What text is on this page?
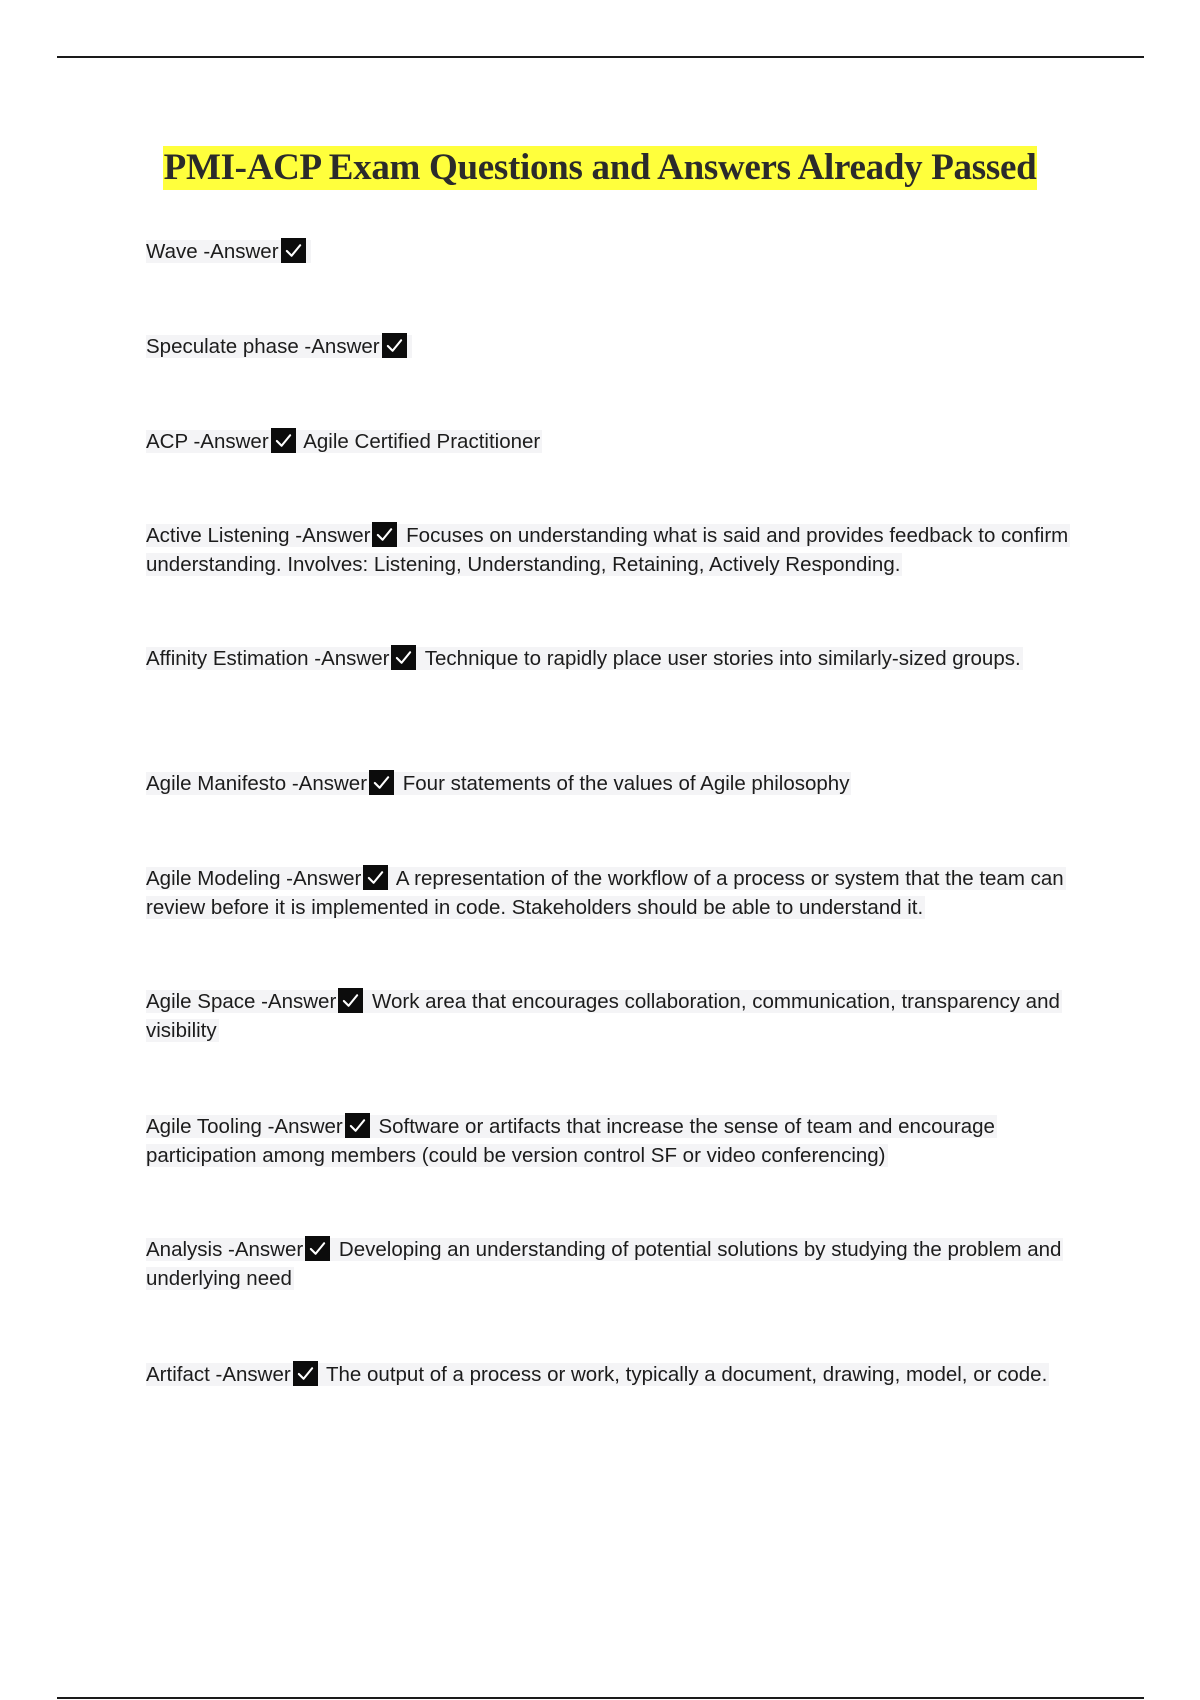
PMI-ACP Exam Questions and Answers Already Passed
Wave -Answer
Speculate phase -Answer
ACP -Answer
Agile Certified Practitioner
Active Listening -Answer
Focuses on understanding what is said and provides feedback to confirm understanding. Involves: Listening, Understanding, Retaining, Actively Responding.
Affinity Estimation -Answer
Technique to rapidly place user stories into similarly-sized groups.
Agile Manifesto -Answer
Four statements of the values of Agile philosophy
Agile Modeling -Answer
A representation of the workflow of a process or system that the team can review before it is implemented in code. Stakeholders should be able to understand it.
Agile Space -Answer
Work area that encourages collaboration, communication, transparency and visibility
Agile Tooling -Answer
Software or artifacts that increase the sense of team and encourage participation among members (could be version control SF or video conferencing)
Analysis -Answer
Developing an understanding of potential solutions by studying the problem and underlying need
Artifact -Answer
The output of a process or work, typically a document, drawing, model, or code.
